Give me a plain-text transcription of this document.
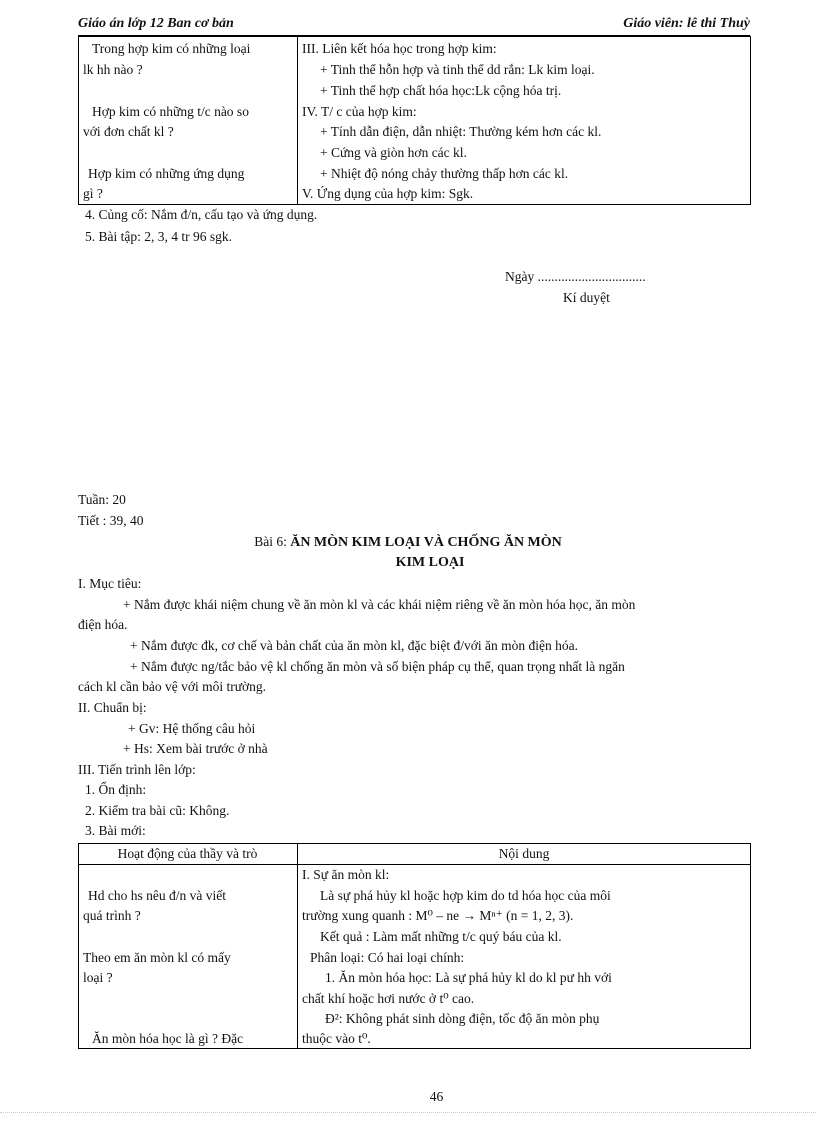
Giáo án lớp 12 Ban cơ bản	Giáo viên: lê thi Thuỳ
Trong hợp kim có những loại
lk hh nào ?
Hợp kim có những t/c nào so
với đơn chất kl ?
Hợp kim có những ứng dụng
gì ?
III. Liên kết hóa học trong hợp kim:
+ Tinh thể hỗn hợp và tinh thể dd rắn: Lk kim loại.
+ Tinh thể hợp chất hóa học:Lk cộng hóa trị.
IV. T/ c của hợp kim:
+ Tính dẫn điện, dẫn nhiệt: Thường kém hơn các kl.
+ Cứng và giòn hơn các kl.
+ Nhiệt độ nóng chảy thường thấp hơn các kl.
V. Ứng dụng của hợp kim: Sgk.
4. Củng cố: Nắm đ/n, cấu tạo và ứng dụng.
5. Bài tập: 2, 3, 4 tr 96 sgk.
Ngày ................................
Kí duyệt
Tuần: 20
Tiết : 39, 40
Bài 6: ĂN MÒN KIM LOẠI VÀ CHỐNG ĂN MÒN
KIM LOẠI
I. Mục tiêu:
+ Nắm được khái niệm chung về ăn mòn kl và các khái niệm riêng về ăn mòn hóa học, ăn mòn
điện hóa.
+ Nắm được đk, cơ chế và bản chất của ăn mòn kl, đặc biệt đ/với ăn mòn điện hóa.
+ Nắm được ng/tắc bảo vệ kl chống ăn mòn và số biện pháp cụ thể, quan trọng nhất là ngăn
cách kl cần bảo vệ với môi trường.
II. Chuẩn bị:
+ Gv: Hệ thống câu hỏi
+ Hs: Xem bài trước ở nhà
III. Tiến trình lên lớp:
1. Ổn định:
2. Kiểm tra bài cũ: Không.
3. Bài mới:
Hoạt động của thầy và trò	Nội dung
Hd cho hs nêu đ/n và viết
quá trình ?
Theo em ăn mòn kl có mấy
loại ?
Ăn mòn hóa học là gì ? Đặc
I. Sự ăn mòn kl:
Là sự phá hủy kl hoặc hợp kim do td hóa học của môi
trường xung quanh : M⁰ – ne → Mⁿ⁺ (n = 1, 2, 3).
Kết quả : Làm mất những t/c quý báu của kl.
Phân loại: Có hai loại chính:
1. Ăn mòn hóa học: Là sự phá hủy kl do kl pư hh với
chất khí hoặc hơi nước ở t⁰ cao.
Đ²: Không phát sinh dòng điện, tốc độ ăn mòn phụ
thuộc vào t⁰.
46
